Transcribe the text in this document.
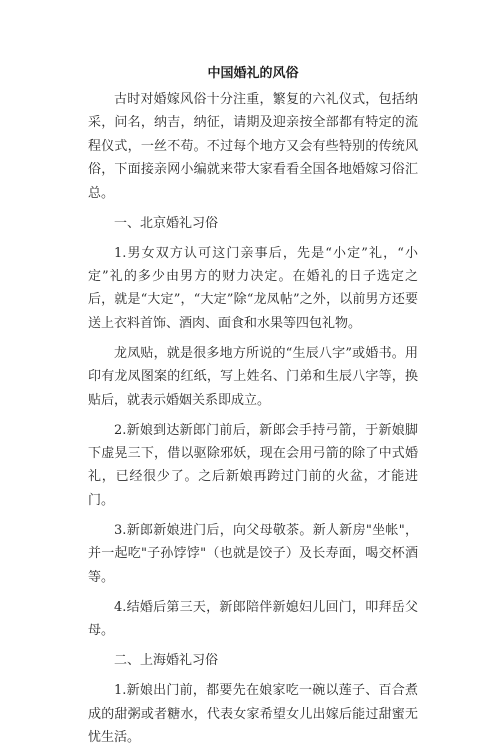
中国婚礼的风俗

古时对婚嫁风俗十分注重，繁复的六礼仪式，包括纳采，问名，纳吉，纳征，请期及迎亲按全部都有特定的流程仪式，一丝不苟。不过每个地方又会有些特别的传统风俗，下面接亲网小编就来带大家看看全国各地婚嫁习俗汇总。

一、北京婚礼习俗

1.男女双方认可这门亲事后，先是“小定”礼，“小定”礼的多少由男方的财力决定。在婚礼的日子选定之后，就是“大定”，“大定”除“龙凤帖”之外，以前男方还要送上衣料首饰、酒肉、面食和水果等四包礼物。

龙凤贴，就是很多地方所说的“生辰八字”或婚书。用印有龙凤图案的红纸，写上姓名、门弟和生辰八字等，换贴后，就表示婚姻关系即成立。

2.新娘到达新郎门前后，新郎会手持弓箭，于新娘脚下虚晃三下，借以驱除邪妖，现在会用弓箭的除了中式婚礼，已经很少了。之后新娘再跨过门前的火盆，才能进门。

3.新郎新娘进门后，向父母敬茶。新人新房"坐帐"，并一起吃"子孙饽饽"（也就是饺子）及长寿面，喝交杯酒等。

4.结婚后第三天，新郎陪伴新媳妇儿回门，叩拜岳父母。

二、上海婚礼习俗

1.新娘出门前，都要先在娘家吃一碗以莲子、百合煮成的甜粥或者糖水，代表女家希望女儿出嫁后能过甜蜜无忧生活。
